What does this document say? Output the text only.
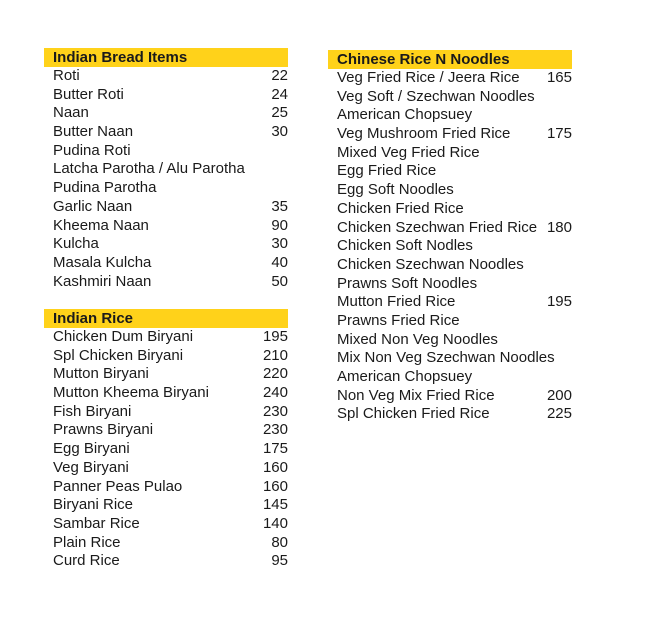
Indian Bread Items
Roti	22
Butter Roti	24
Naan	25
Butter Naan	30
Pudina Roti
Latcha Parotha / Alu Parotha
Pudina Parotha
Garlic Naan	35
Kheema Naan	90
Kulcha	30
Masala Kulcha	40
Kashmiri Naan	50
Indian Rice
Chicken Dum Biryani	195
Spl Chicken Biryani	210
Mutton Biryani	220
Mutton Kheema Biryani	240
Fish Biryani	230
Prawns Biryani	230
Egg Biryani	175
Veg Biryani	160
Panner Peas Pulao	160
Biryani Rice	145
Sambar Rice	140
Plain Rice	80
Curd Rice	95
Chinese Rice N Noodles
Veg Fried Rice / Jeera Rice 165
Veg Soft / Szechwan Noodles
American Chopsuey
Veg Mushroom Fried Rice 175
Mixed Veg Fried Rice
Egg Fried Rice
Egg Soft Noodles
Chicken Fried Rice
Chicken Szechwan Fried Rice 180
Chicken Soft Nodles
Chicken Szechwan Noodles
Prawns Soft Noodles
Mutton Fried Rice	195
Prawns Fried Rice
Mixed Non Veg Noodles
Mix Non Veg Szechwan Noodles
American Chopsuey
Non Veg Mix Fried Rice	200
Spl Chicken Fried Rice	225
